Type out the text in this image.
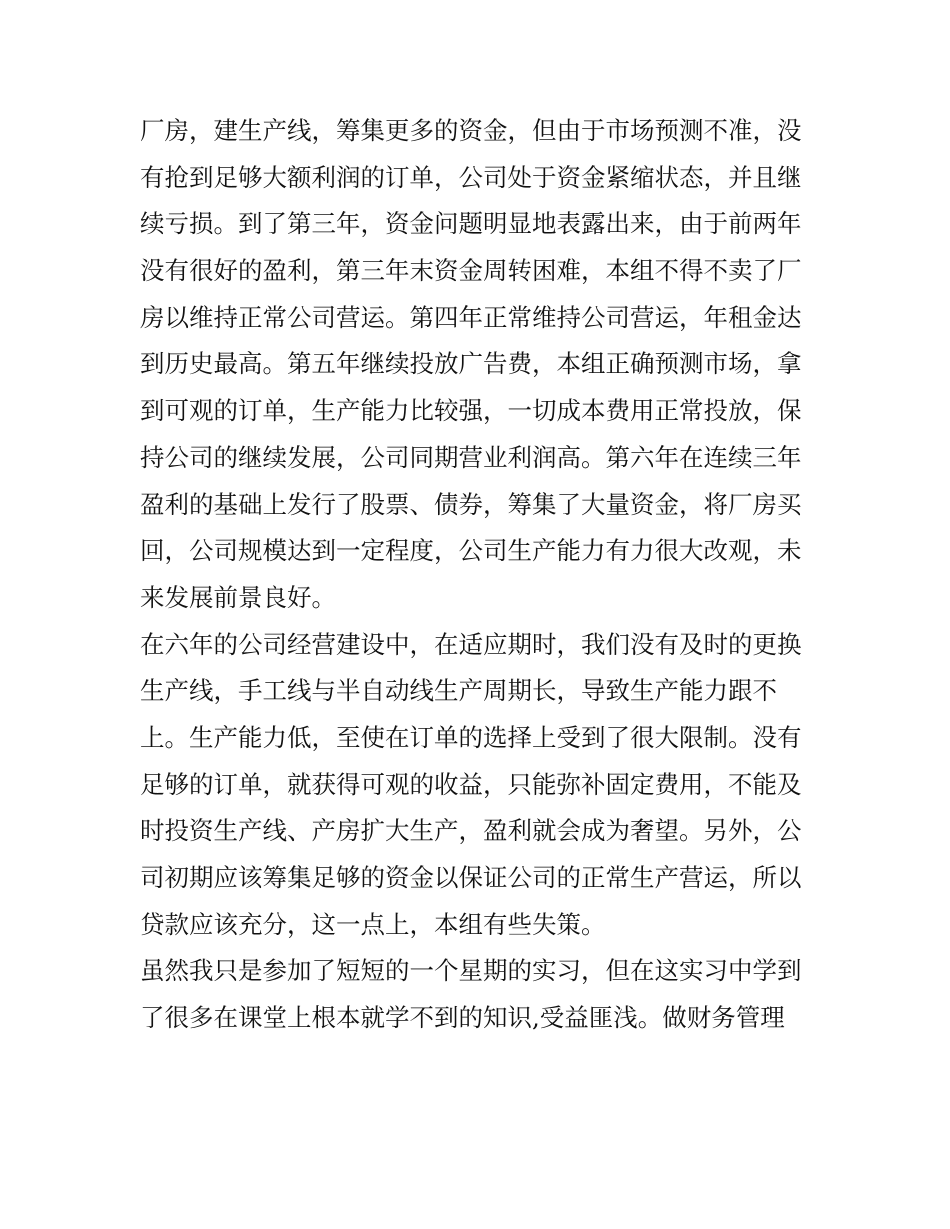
厂房，建生产线，筹集更多的资金，但由于市场预测不准，没
有抢到足够大额利润的订单，公司处于资金紧缩状态，并且继
续亏损。到了第三年，资金问题明显地表露出来，由于前两年
没有很好的盈利，第三年末资金周转困难，本组不得不卖了厂
房以维持正常公司营运。第四年正常维持公司营运，年租金达
到历史最高。第五年继续投放广告费，本组正确预测市场，拿
到可观的订单，生产能力比较强，一切成本费用正常投放，保
持公司的继续发展，公司同期营业利润高。第六年在连续三年
盈利的基础上发行了股票、债券，筹集了大量资金，将厂房买
回，公司规模达到一定程度，公司生产能力有力很大改观，未
来发展前景良好。
在六年的公司经营建设中，在适应期时，我们没有及时的更换
生产线，手工线与半自动线生产周期长，导致生产能力跟不
上。生产能力低，至使在订单的选择上受到了很大限制。没有
足够的订单，就获得可观的收益，只能弥补固定费用，不能及
时投资生产线、产房扩大生产，盈利就会成为奢望。另外，公
司初期应该筹集足够的资金以保证公司的正常生产营运，所以
贷款应该充分，这一点上，本组有些失策。
虽然我只是参加了短短的一个星期的实习，但在这实习中学到
了很多在课堂上根本就学不到的知识,受益匪浅。做财务管理
